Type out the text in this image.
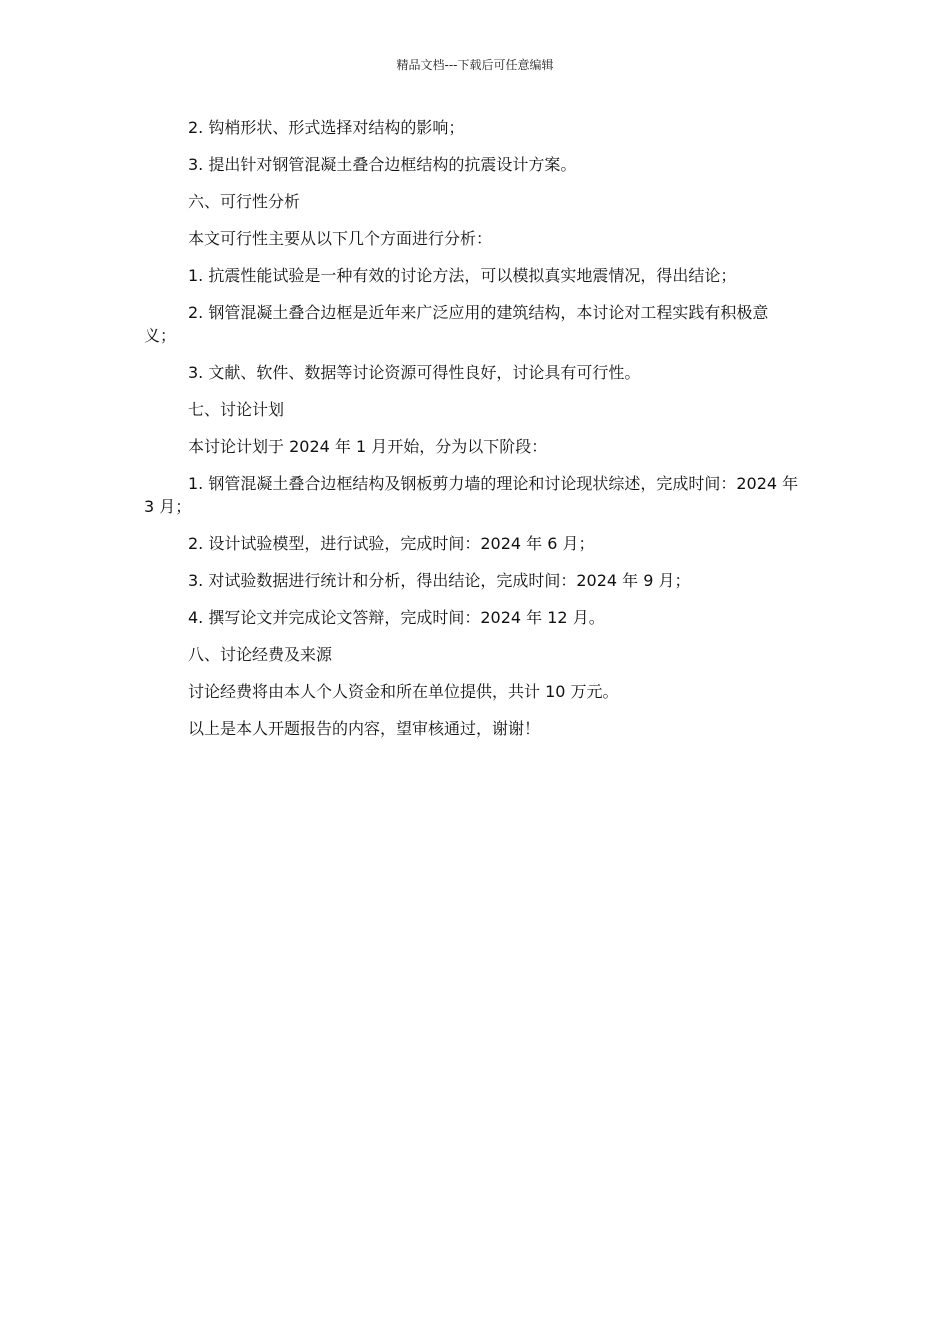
精品文档---下载后可任意编辑

2. 钩梢形状、形式选择对结构的影响；

3. 提出针对钢管混凝土叠合边框结构的抗震设计方案。

六、可行性分析

本文可行性主要从以下几个方面进行分析：

1. 抗震性能试验是一种有效的讨论方法，可以模拟真实地震情况，得出结论；

2. 钢管混凝土叠合边框是近年来广泛应用的建筑结构，本讨论对工程实践有积极意义；

3. 文献、软件、数据等讨论资源可得性良好，讨论具有可行性。

七、讨论计划

本讨论计划于 2024 年 1 月开始，分为以下阶段：

1. 钢管混凝土叠合边框结构及钢板剪力墙的理论和讨论现状综述，完成时间：2024 年 3 月；

2. 设计试验模型，进行试验，完成时间：2024 年 6 月；

3. 对试验数据进行统计和分析，得出结论，完成时间：2024 年 9 月；

4. 撰写论文并完成论文答辩，完成时间：2024 年 12 月。

八、讨论经费及来源

讨论经费将由本人个人资金和所在单位提供，共计 10 万元。

以上是本人开题报告的内容，望审核通过，谢谢！
